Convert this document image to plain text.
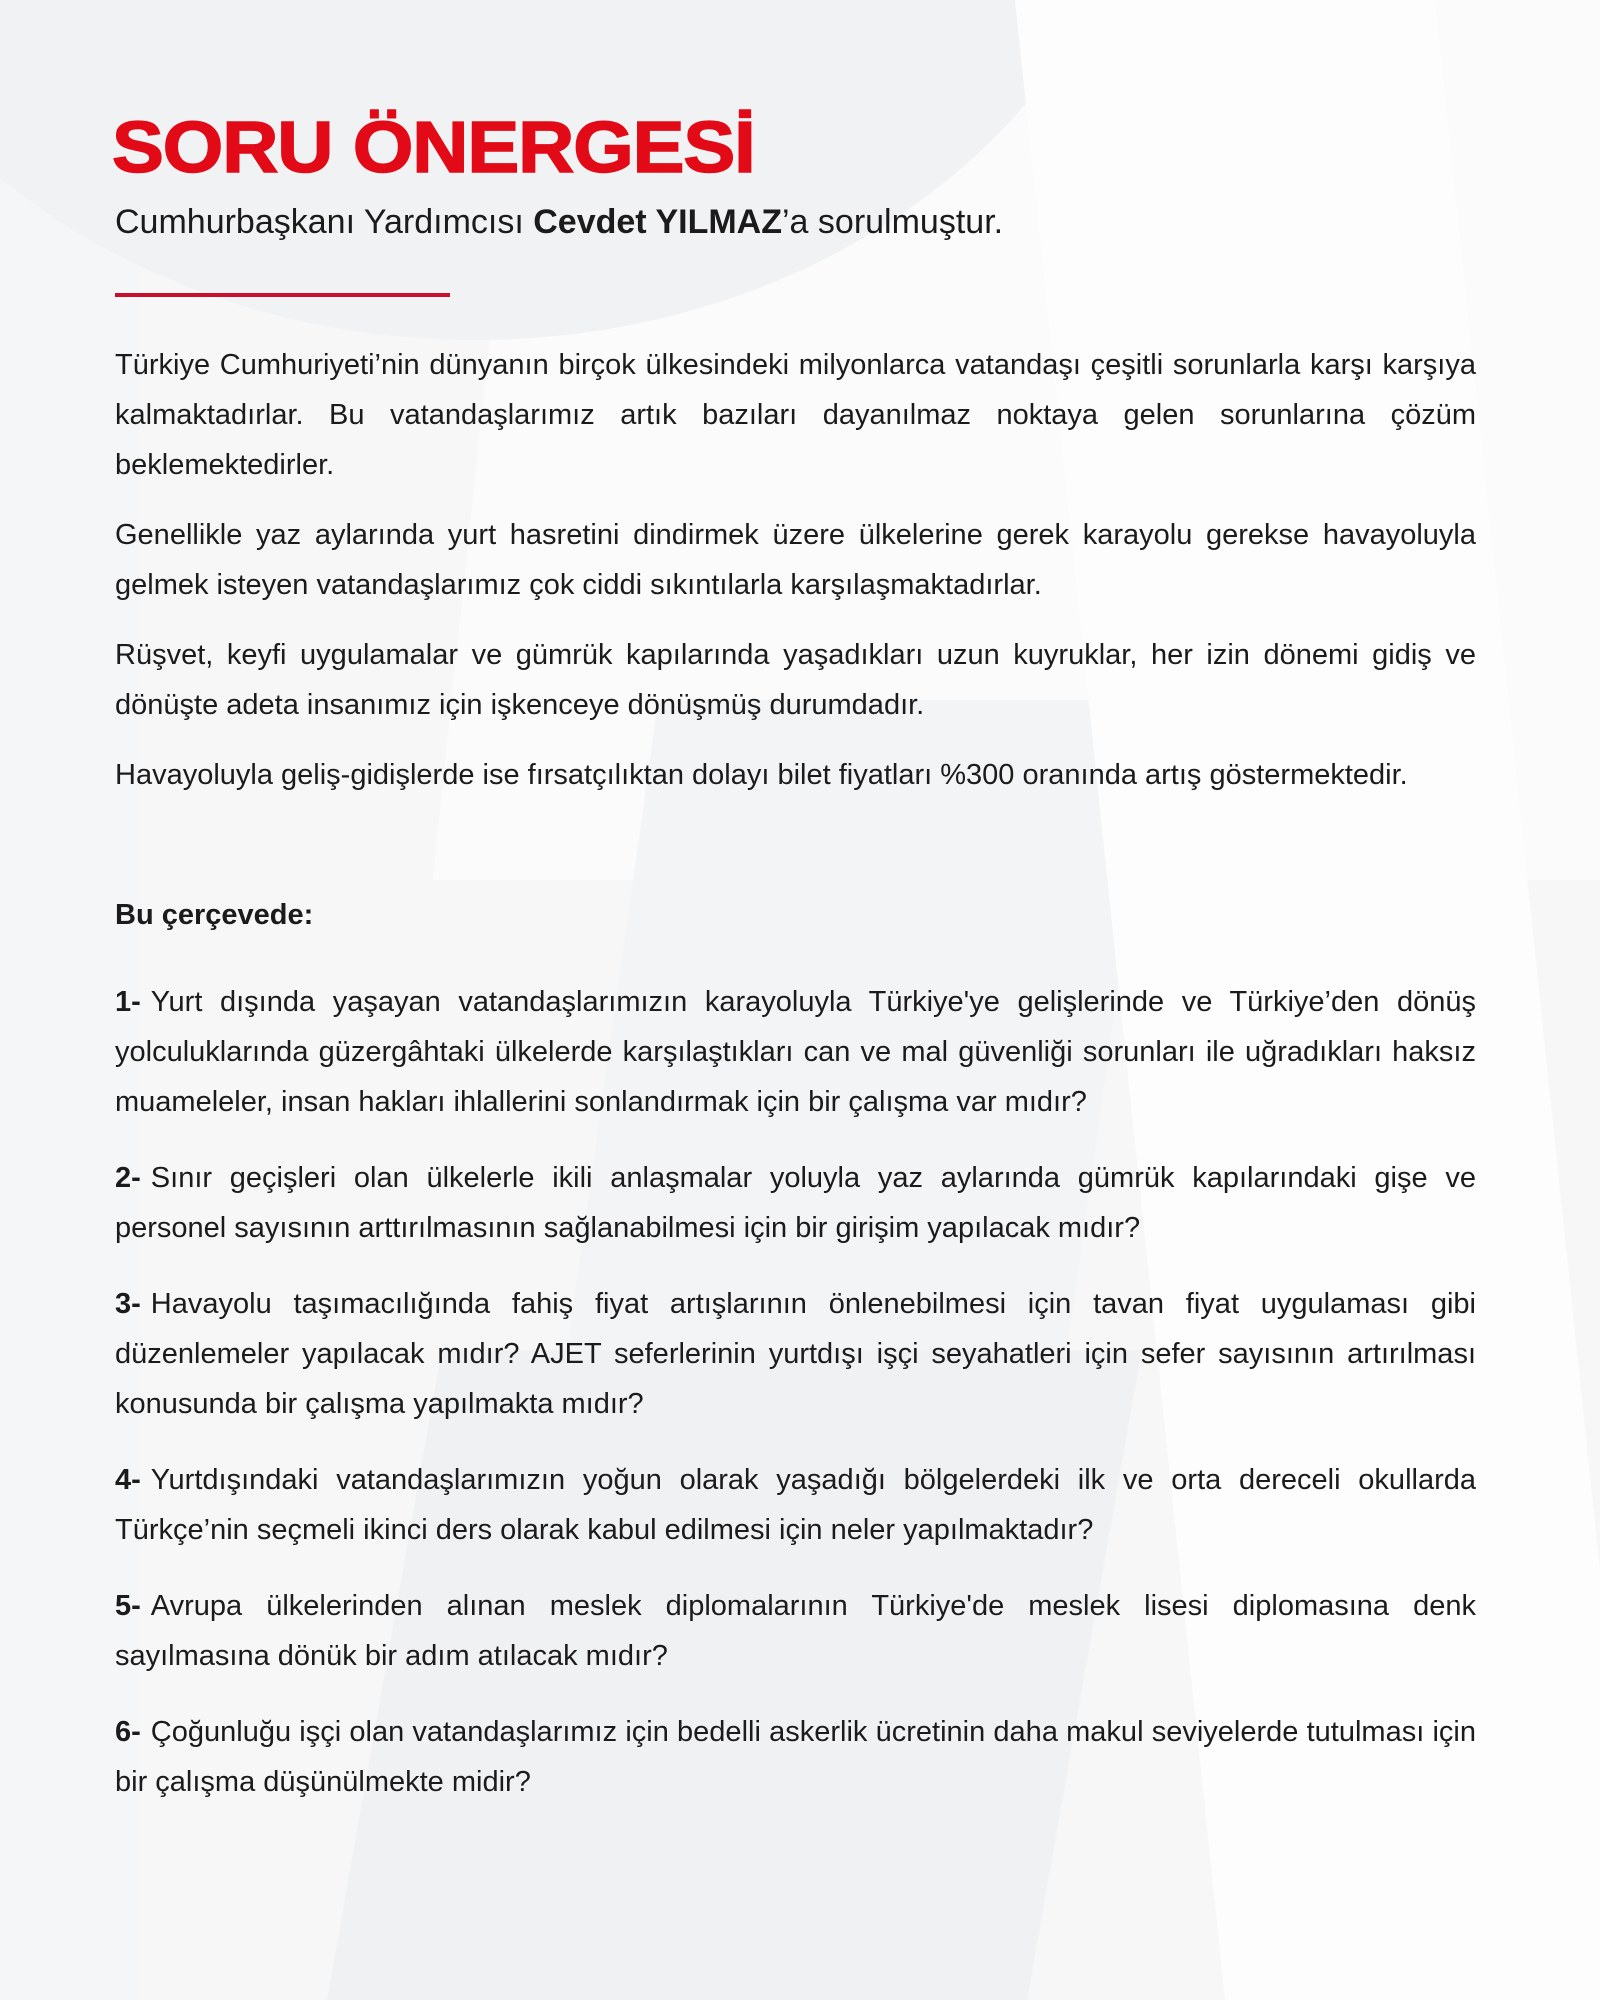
SORU ÖNERGESİ
Cumhurbaşkanı Yardımcısı Cevdet YILMAZ’a sorulmuştur.

Türkiye Cumhuriyeti’nin dünyanın birçok ülkesindeki milyonlarca vatandaşı çeşitli sorunlarla karşı karşıya kalmaktadırlar. Bu vatandaşlarımız artık bazıları dayanılmaz noktaya gelen sorunlarına çözüm beklemektedirler.

Genellikle yaz aylarında yurt hasretini dindirmek üzere ülkelerine gerek karayolu gerekse havayoluyla gelmek isteyen vatandaşlarımız çok ciddi sıkıntılarla karşılaşmaktadırlar.

Rüşvet, keyfi uygulamalar ve gümrük kapılarında yaşadıkları uzun kuyruklar, her izin dönemi gidiş ve dönüşte adeta insanımız için işkenceye dönüşmüş durumdadır.

Havayoluyla geliş-gidişlerde ise fırsatçılıktan dolayı bilet fiyatları %300 oranında artış göstermektedir.

Bu çerçevede:

1- Yurt dışında yaşayan vatandaşlarımızın karayoluyla Türkiye'ye gelişlerinde ve Türkiye’den dönüş yolculuklarında güzergâhtaki ülkelerde karşılaştıkları can ve mal güvenliği sorunları ile uğradıkları haksız muameleler, insan hakları ihlallerini sonlandırmak için bir çalışma var mıdır?

2- Sınır geçişleri olan ülkelerle ikili anlaşmalar yoluyla yaz aylarında gümrük kapılarındaki gişe ve personel sayısının arttırılmasının sağlanabilmesi için bir girişim yapılacak mıdır?

3- Havayolu taşımacılığında fahiş fiyat artışlarının önlenebilmesi için tavan fiyat uygulaması gibi düzenlemeler yapılacak mıdır? AJET seferlerinin yurtdışı işçi seyahatleri için sefer sayısının artırılması konusunda bir çalışma yapılmakta mıdır?

4- Yurtdışındaki vatandaşlarımızın yoğun olarak yaşadığı bölgelerdeki ilk ve orta dereceli okullarda Türkçe’nin seçmeli ikinci ders olarak kabul edilmesi için neler yapılmaktadır?

5- Avrupa ülkelerinden alınan meslek diplomalarının Türkiye'de meslek lisesi diplomasına denk sayılmasına dönük bir adım atılacak mıdır?

6- Çoğunluğu işçi olan vatandaşlarımız için bedelli askerlik ücretinin daha makul seviyelerde tutulması için bir çalışma düşünülmekte midir?
